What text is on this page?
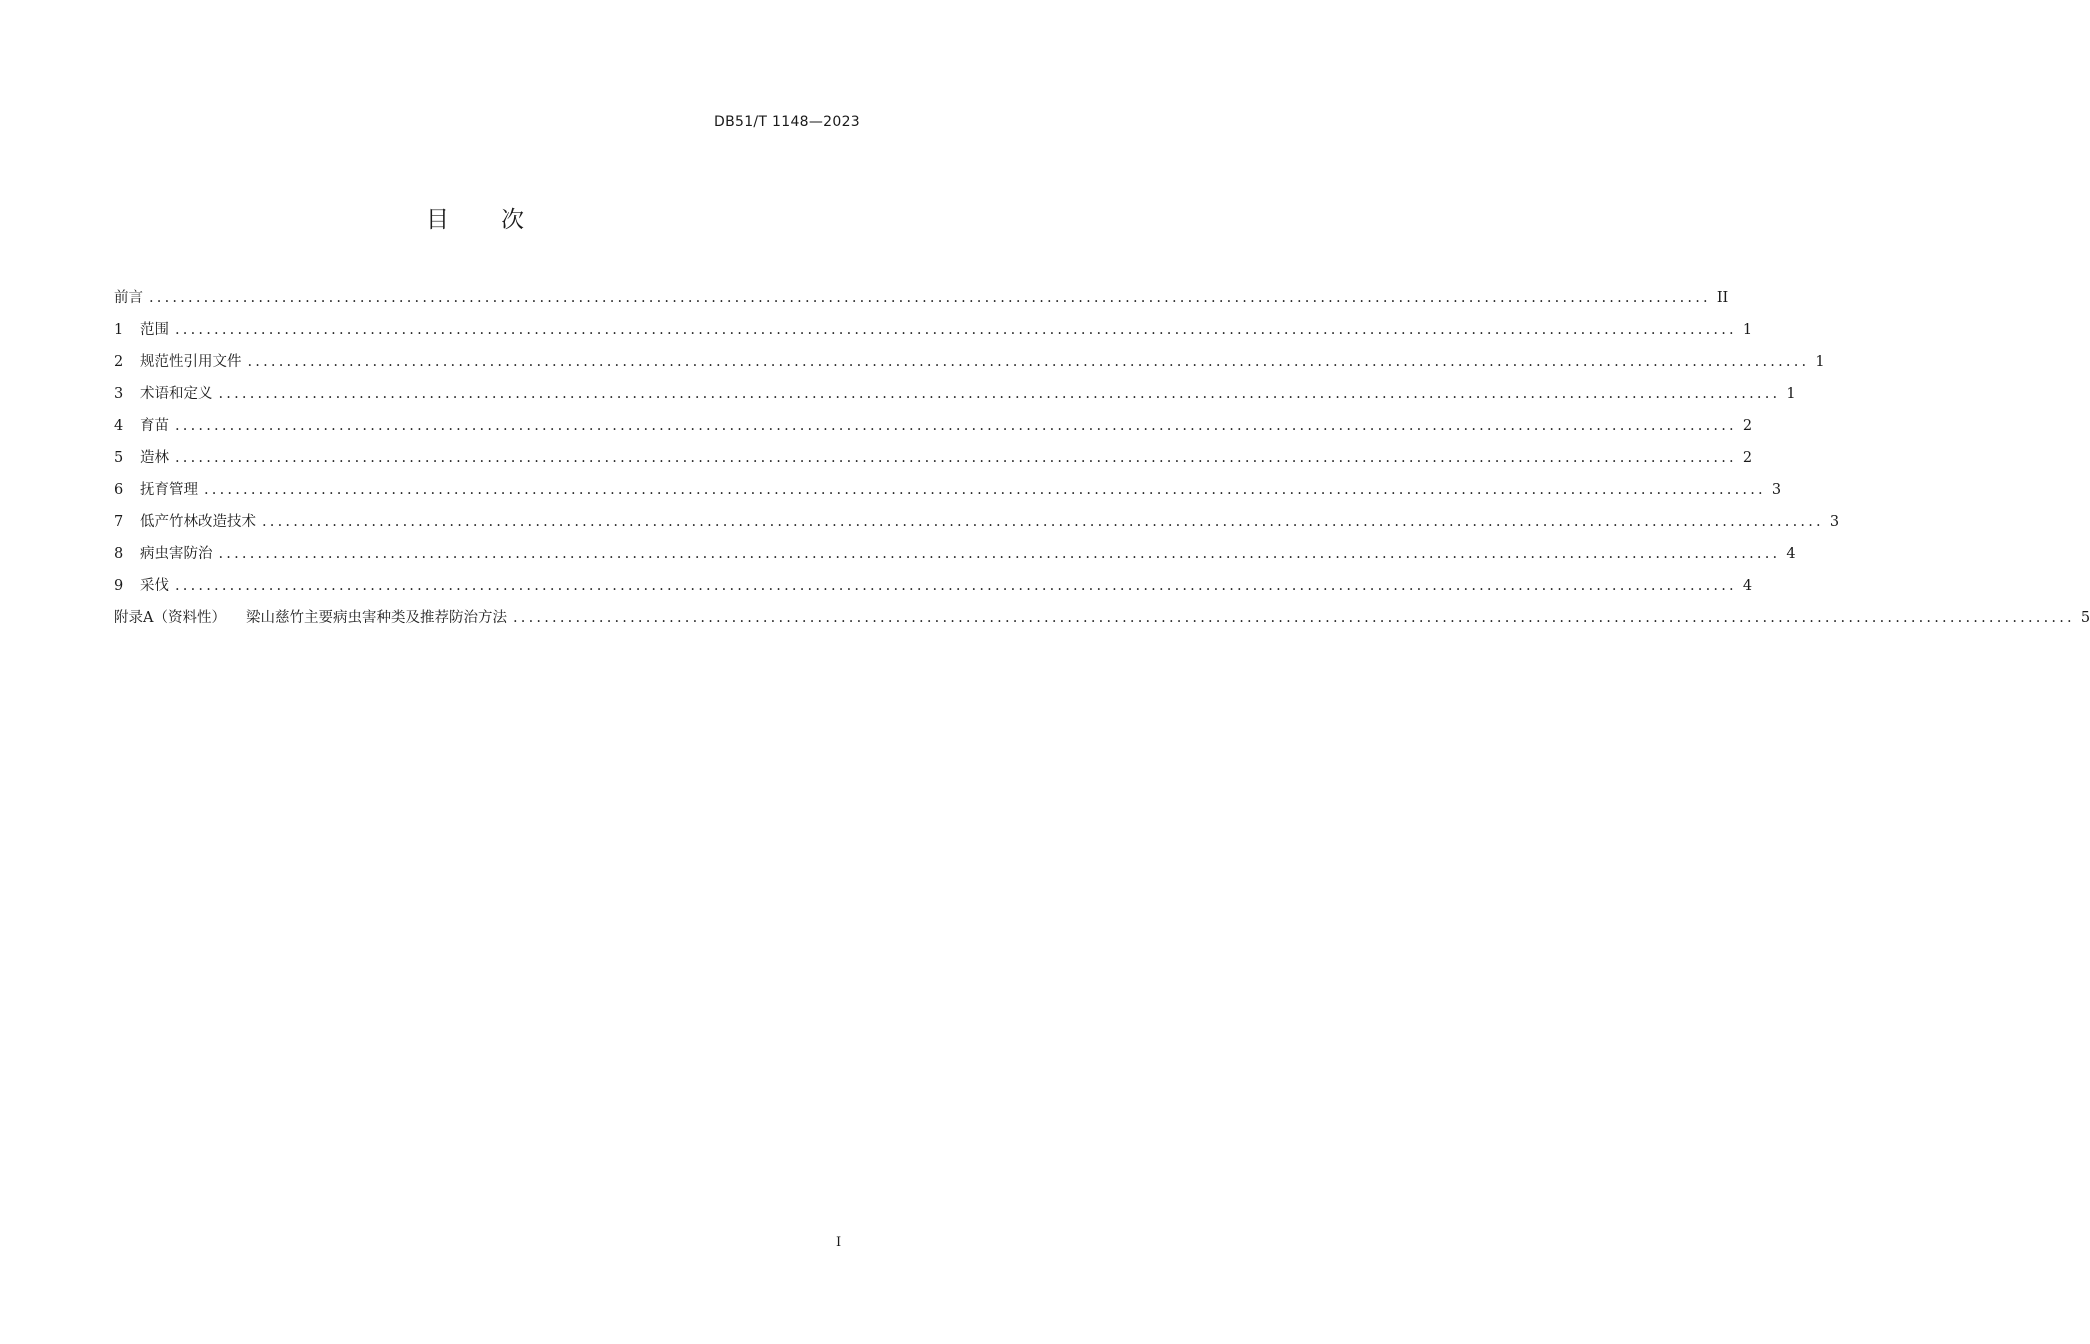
DB51/T 1148—2023
目次
前言 ........................................................................................................................................................................................................ II
1	范围 ........................................................................................................................................................................................................ 1
2	规范性引用文件 ........................................................................................................................................................................................................ 1
3	术语和定义 ........................................................................................................................................................................................................ 1
4	育苗 ........................................................................................................................................................................................................ 2
5	造林 ........................................................................................................................................................................................................ 2
6	抚育管理 ........................................................................................................................................................................................................ 3
7	低产竹林改造技术 ........................................................................................................................................................................................................ 3
8	病虫害防治 ........................................................................................................................................................................................................ 4
9	采伐 ........................................................................................................................................................................................................ 4
附录A（资料性） 梁山慈竹主要病虫害种类及推荐防治方法 ........................................................................................................................................................................................................ 5
I
